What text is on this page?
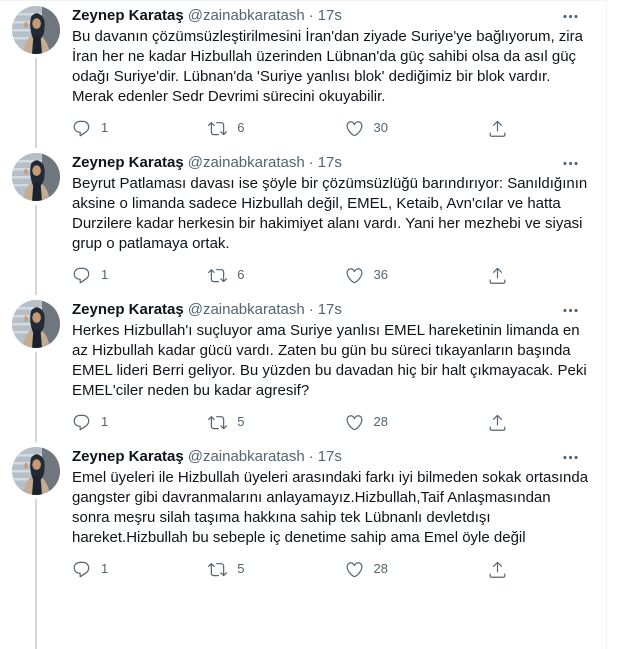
Zeynep Karataş @zainabkaratash · 17s
Bu davanın çözümsüzleştirilmesini İran'dan ziyade Suriye'ye bağlıyorum, zira İran her ne kadar Hizbullah üzerinden Lübnan'da güç sahibi olsa da asıl güç odağı Suriye'dir. Lübnan'da 'Suriye yanlısı blok' dediğimiz bir blok vardır. Merak edenler Sedr Devrimi sürecini okuyabilir.
1	6	30
Zeynep Karataş @zainabkaratash · 17s
Beyrut Patlaması davası ise şöyle bir çözümsüzlüğü barındırıyor: Sanıldığının aksine o limanda sadece Hizbullah değil, EMEL, Ketaib, Avn'cılar ve hatta Durzilere kadar herkesin bir hakimiyet alanı vardı. Yani her mezhebi ve siyasi grup o patlamaya ortak.
1	6	36
Zeynep Karataş @zainabkaratash · 17s
Herkes Hizbullah'ı suçluyor ama Suriye yanlısı EMEL hareketinin limanda en az Hizbullah kadar gücü vardı. Zaten bu gün bu süreci tıkayanların başında EMEL lideri Berri geliyor. Bu yüzden bu davadan hiç bir halt çıkmayacak. Peki EMEL'ciler neden bu kadar agresif?
1	5	28
Zeynep Karataş @zainabkaratash · 17s
Emel üyeleri ile Hizbullah üyeleri arasındaki farkı iyi bilmeden sokak ortasında gangster gibi davranmalarını anlayamayız.Hizbullah,Taif Anlaşmasından sonra meşru silah taşıma hakkına sahip tek Lübnanlı devletdışı hareket.Hizbullah bu sebeple iç denetime sahip ama Emel öyle değil
1	5	28
